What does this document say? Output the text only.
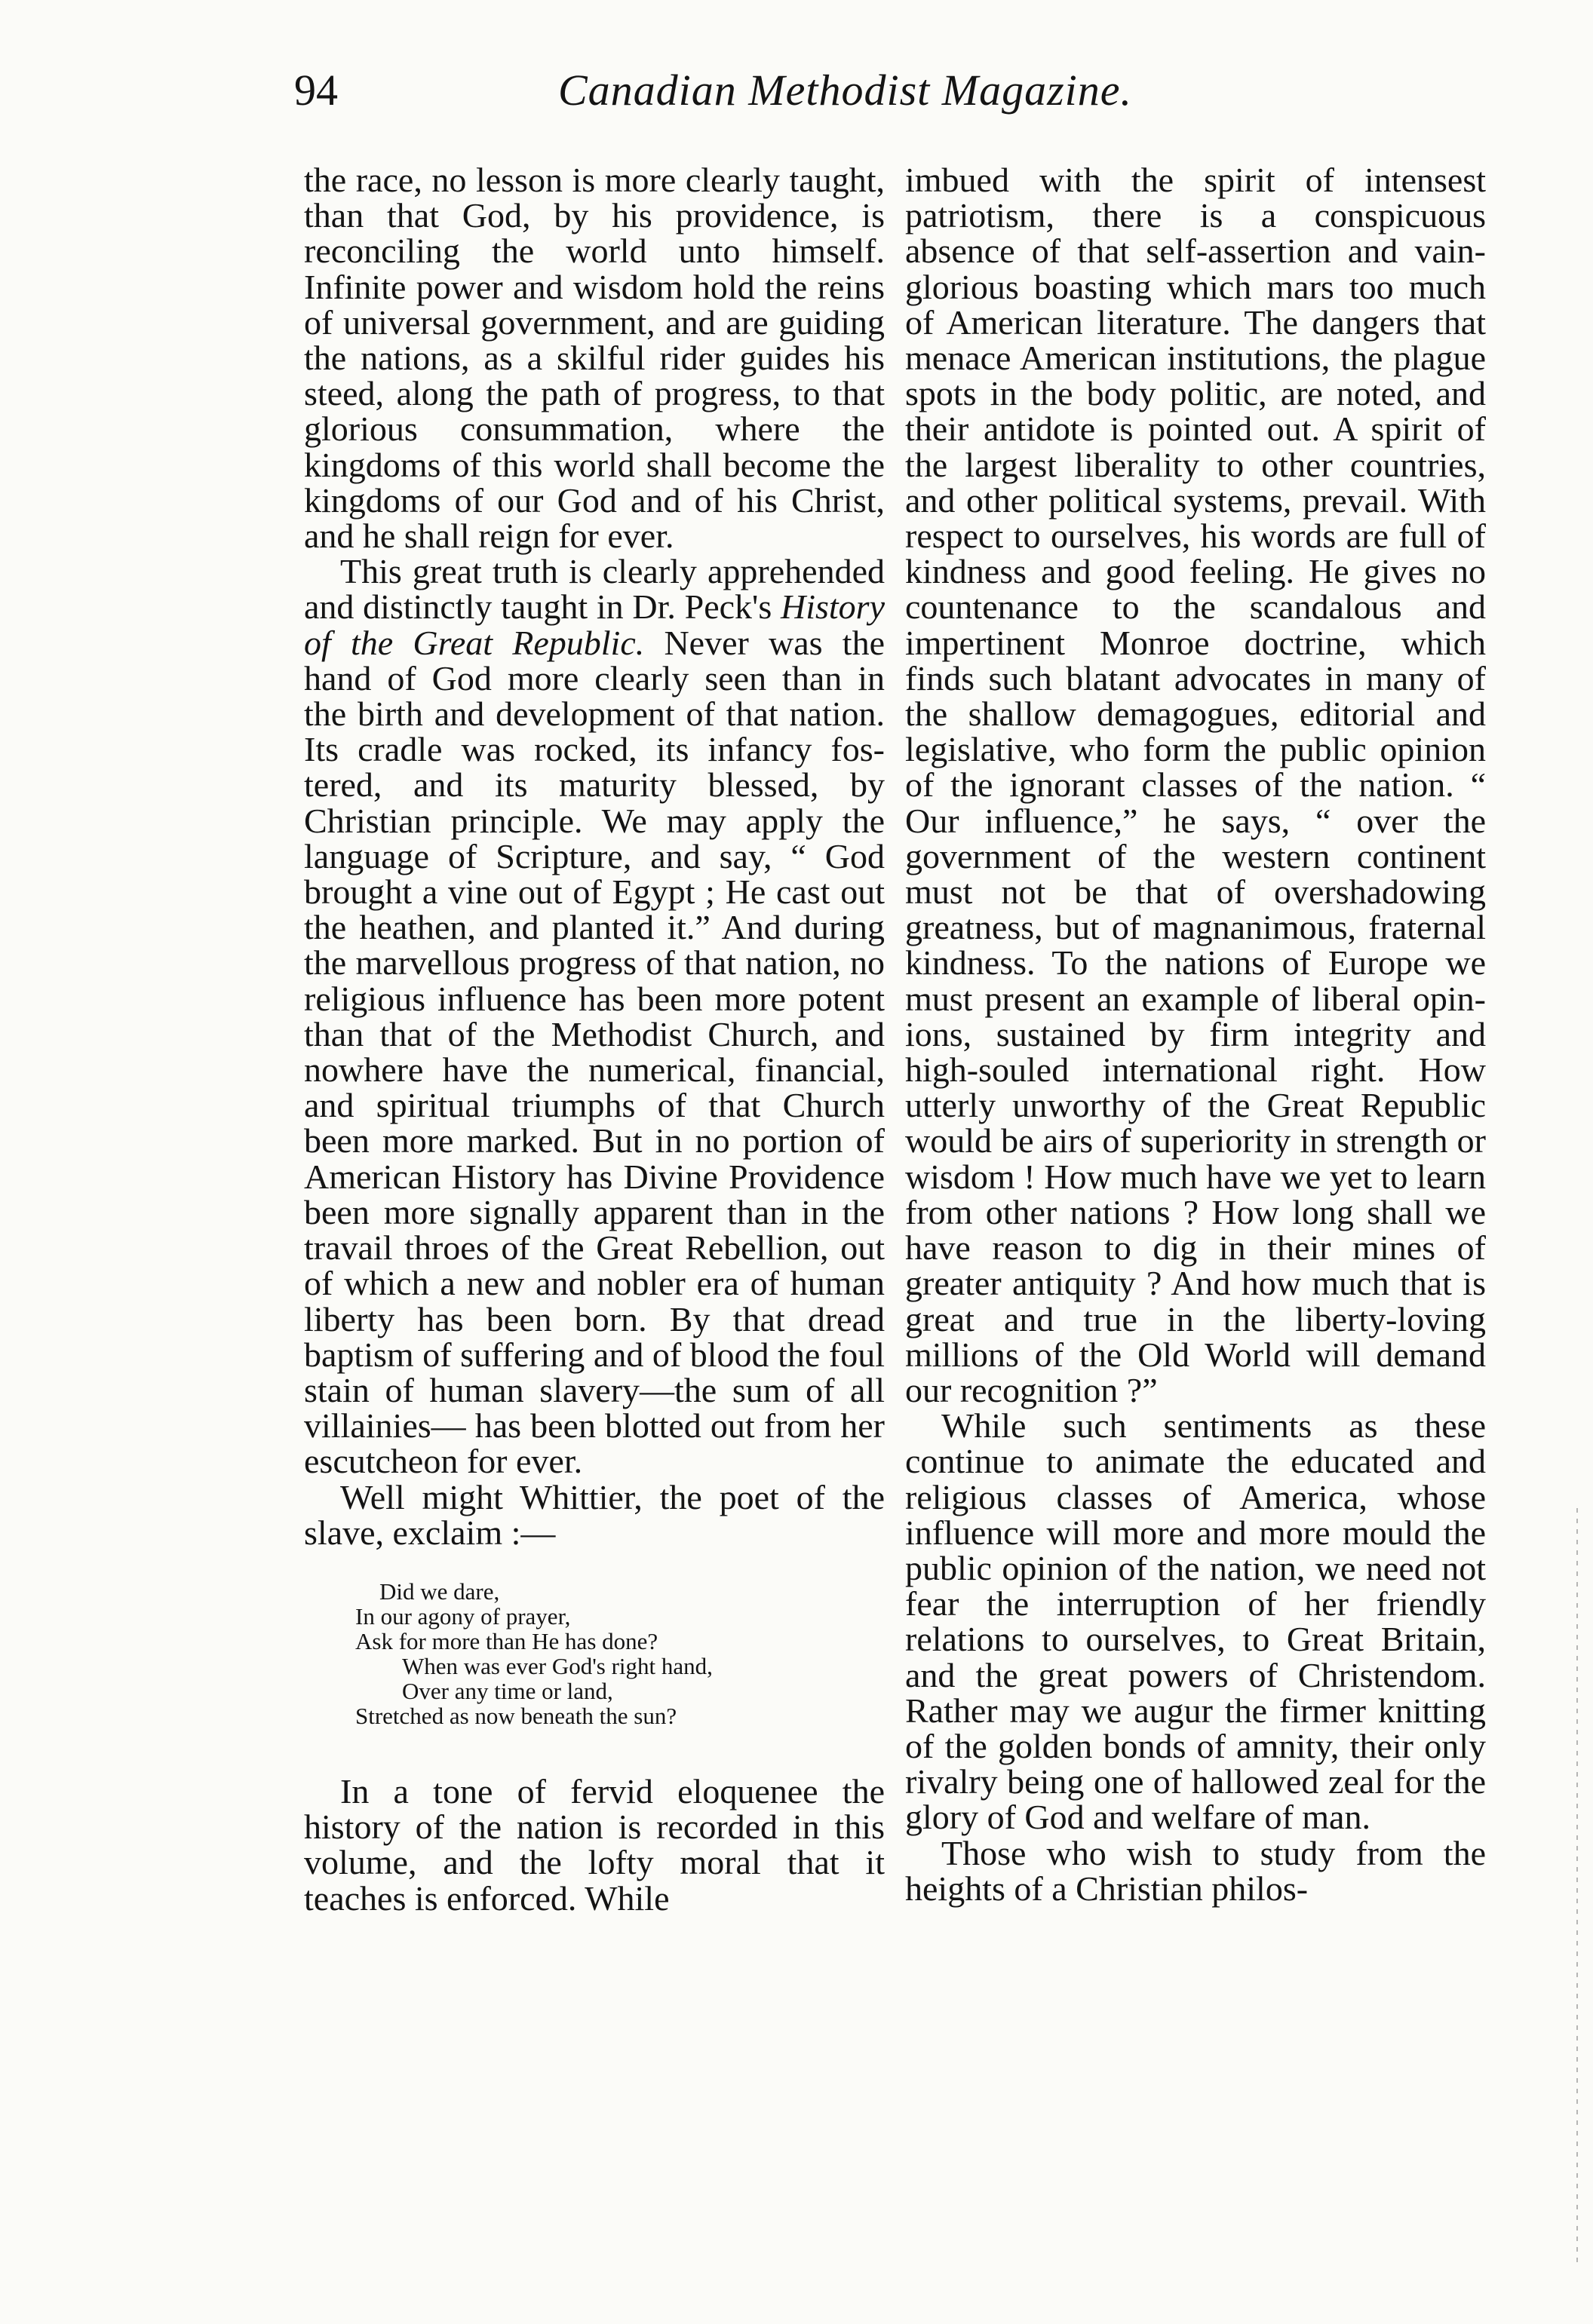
94	Canadian Methodist Magazine.

the race, no lesson is more clearly taught, than that God, by his providence, is reconciling the world unto himself. Infinite power and wisdom hold the reins of universal government, and are guiding the nations, as a skilful rider guides his steed, along the path of progress, to that glorious consummation, where the kingdoms of this world shall become the kingdoms of our God and of his Christ, and he shall reign for ever.

This great truth is clearly apprehended and distinctly taught in Dr. Peck's History of the Great Republic. Never was the hand of God more clearly seen than in the birth and development of that nation. Its cradle was rocked, its infancy fostered, and its maturity blessed, by Christian principle. We may apply the language of Scripture, and say, “ God brought a vine out of Egypt ; He cast out the heathen, and planted it.” And during the marvellous progress of that nation, no religious influence has been more potent than that of the Methodist Church, and nowhere have the numerical, financial, and spiritual triumphs of that Church been more marked. But in no portion of American History has Divine Providence been more signally apparent than in the travail throes of the Great Rebellion, out of which a new and nobler era of human liberty has been born. By that dread baptism of suffering and of blood the foul stain of human slavery—the sum of all villainies— has been blotted out from her escutcheon for ever.

Well might Whittier, the poet of the slave, exclaim :—

Did we dare,
In our agony of prayer,
Ask for more than He has done?
When was ever God's right hand,
Over any time or land,
Stretched as now beneath the sun?

In a tone of fervid eloquenee the history of the nation is recorded in this volume, and the lofty moral that it teaches is enforced. While

imbued with the spirit of intensest patriotism, there is a conspicuous absence of that self-assertion and vain-glorious boasting which mars too much of American literature. The dangers that menace American institutions, the plague spots in the body politic, are noted, and their antidote is pointed out. A spirit of the largest liberality to other countries, and other political systems, prevail. With respect to ourselves, his words are full of kindness and good feeling. He gives no countenance to the scandalous and impertinent Monroe doctrine, which finds such blatant advocates in many of the shallow demagogues, editorial and legislative, who form the public opinion of the ignorant classes of the nation. “ Our influence,” he says, “ over the government of the western continent must not be that of overshadowing greatness, but of magnanimous, fraternal kindness. To the nations of Europe we must present an example of liberal opinions, sustained by firm integrity and high-souled international right. How utterly unworthy of the Great Republic would be airs of superiority in strength or wisdom ! How much have we yet to learn from other nations ? How long shall we have reason to dig in their mines of greater antiquity ? And how much that is great and true in the liberty-loving millions of the Old World will demand our recognition ?”

While such sentiments as these continue to animate the educated and religious classes of America, whose influence will more and more mould the public opinion of the nation, we need not fear the interruption of her friendly relations to ourselves, to Great Britain, and the great powers of Christendom. Rather may we augur the firmer knitting of the golden bonds of amnity, their only rivalry being one of hallowed zeal for the glory of God and welfare of man.

Those who wish to study from the heights of a Christian philos-
